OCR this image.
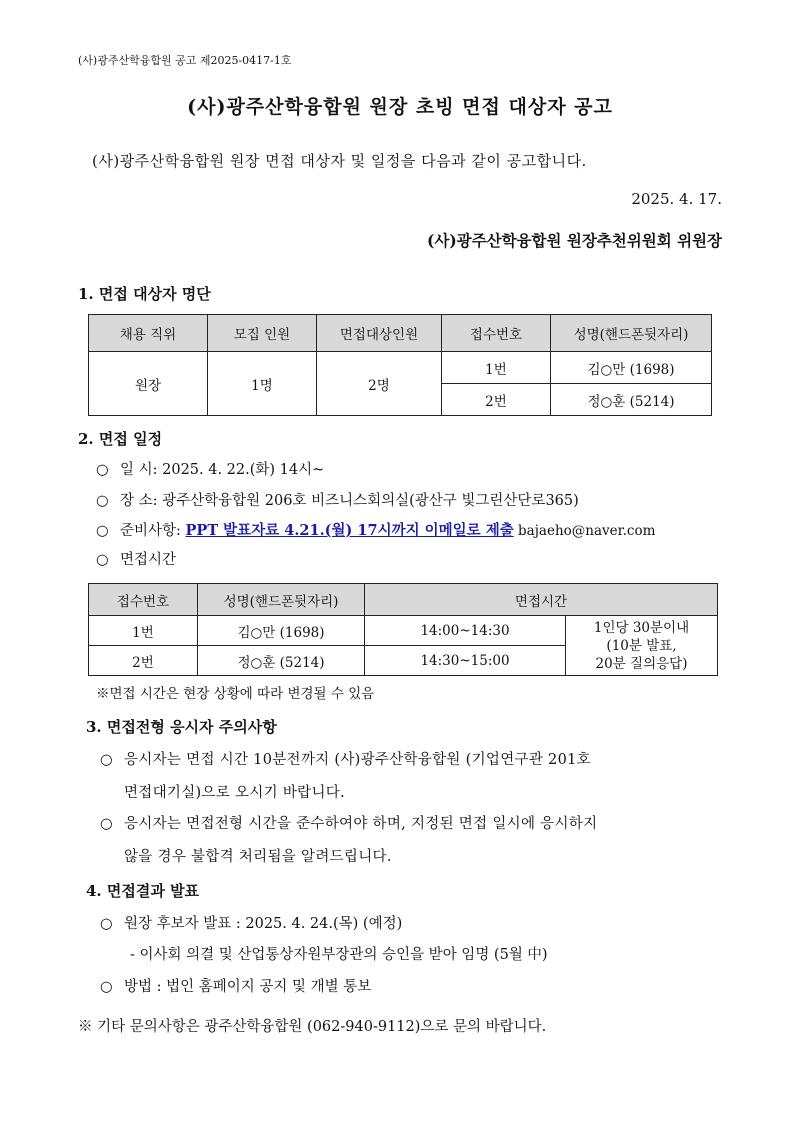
(사)광주산학융합원 공고 제2025-0417-1호
(사)광주산학융합원 원장 초빙 면접 대상자 공고
(사)광주산학융합원 원장 면접 대상자 및 일정을 다음과 같이 공고합니다.
2025. 4. 17.
(사)광주산학융합원 원장추천위원회 위원장
1. 면접 대상자 명단
채용 직위	모집 인원	면접대상인원	접수번호	성명(핸드폰뒷자리)
원장	1명	2명	1번	김○만 (1698)
			2번	정○훈 (5214)
2. 면접 일정
○ 일 시: 2025. 4. 22.(화) 14시~
○ 장 소: 광주산학융합원 206호 비즈니스회의실(광산구 빛그린산단로365)
○ 준비사항: PPT 발표자료 4.21.(월) 17시까지 이메일로 제출 bajaeho@naver.com
○ 면접시간
접수번호	성명(핸드폰뒷자리)	면접시간	
1번	김○만 (1698)	14:00~14:30	1인당 30분이내
(10분 발표,
20분 질의응답)

2번	정○훈 (5214)	14:30~15:00	
※면접 시간은 현장 상황에 따라 변경될 수 있음
3. 면접전형 응시자 주의사항
○ 응시자는 면접 시간 10분전까지 (사)광주산학융합원 (기업연구관 201호
면접대기실)으로 오시기 바랍니다.
○ 응시자는 면접전형 시간을 준수하여야 하며, 지정된 면접 일시에 응시하지
않을 경우 불합격 처리됨을 알려드립니다.
4. 면접결과 발표
○ 원장 후보자 발표 : 2025. 4. 24.(목) (예정)
- 이사회 의결 및 산업통상자원부장관의 승인을 받아 임명 (5월 中)
○ 방법 : 법인 홈페이지 공지 및 개별 통보
※ 기타 문의사항은 광주산학융합원 (062-940-9112)으로 문의 바랍니다.
